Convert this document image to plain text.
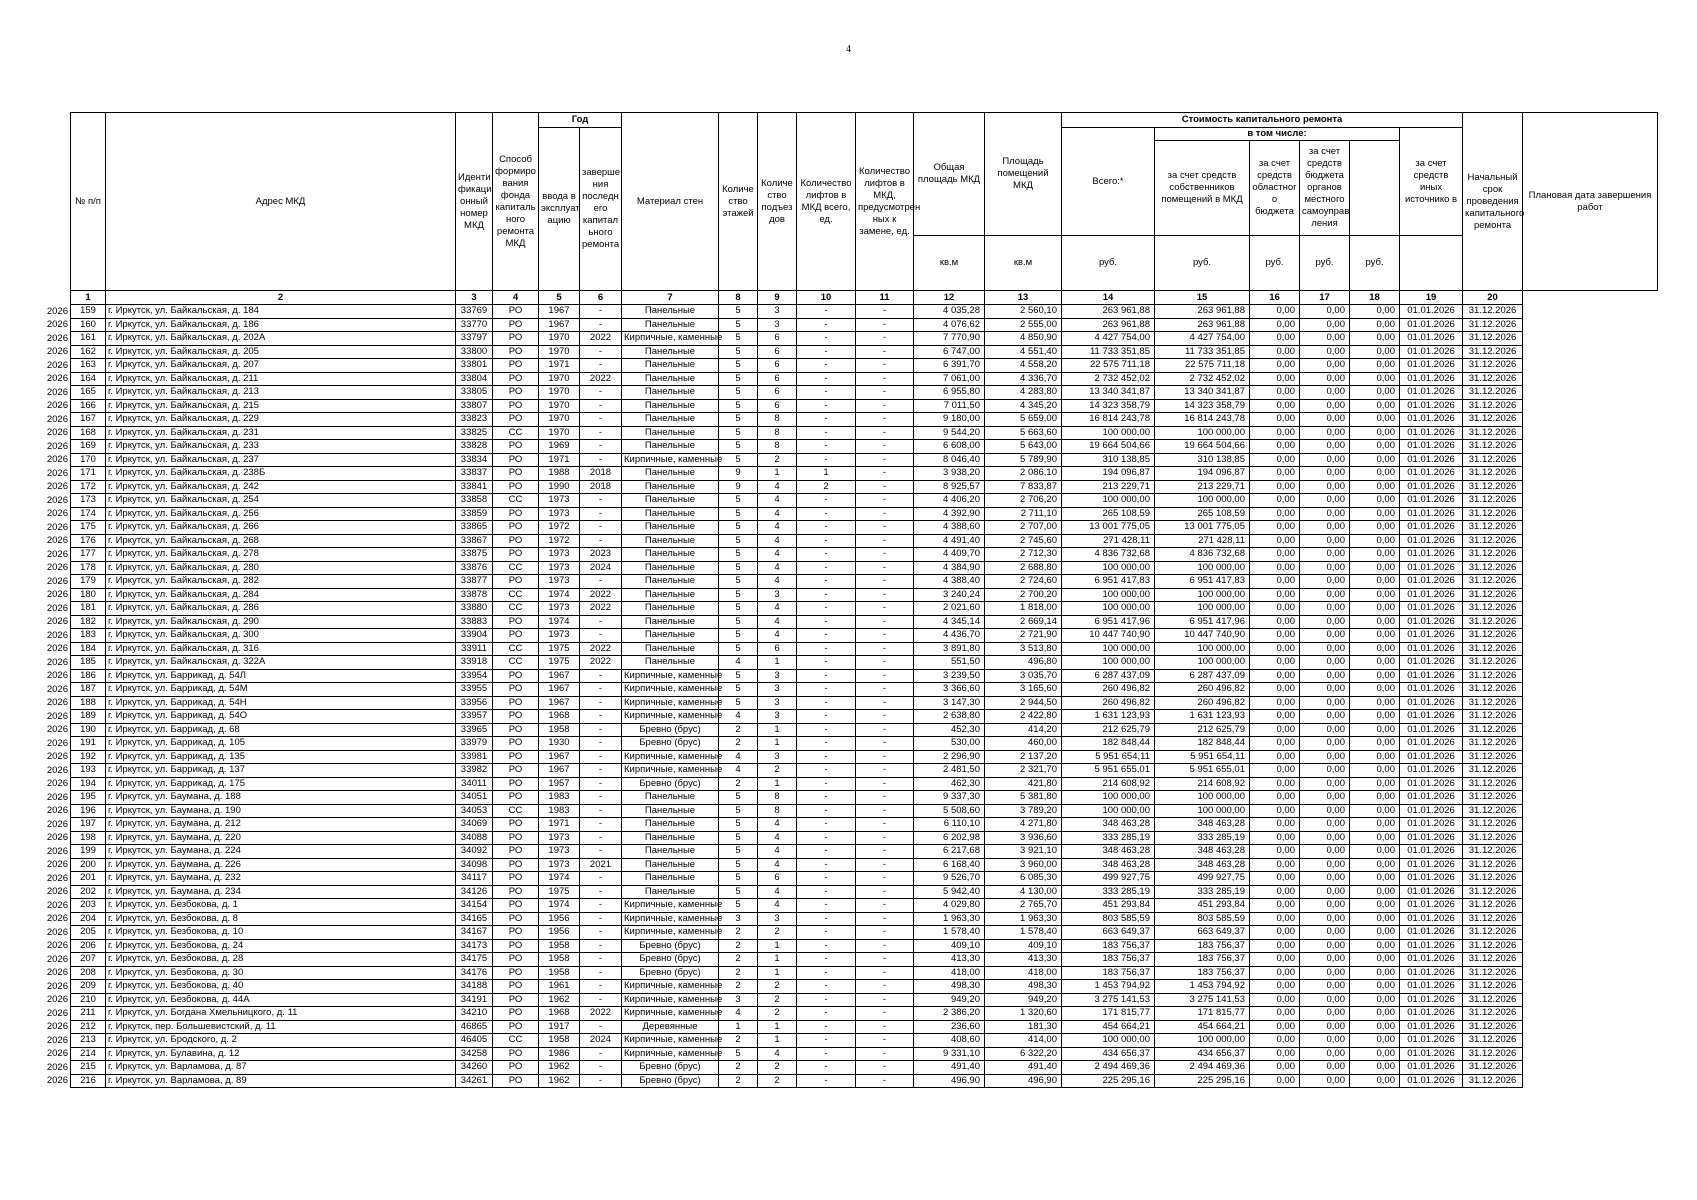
4
2026
2026
2026
2026
2026
2026
2026
2026
2026
2026
2026
2026
2026
2026
2026
2026
2026
2026
2026
2026
2026
2026
2026
2026
2026
2026
2026
2026
2026
2026
2026
2026
2026
2026
2026
2026
2026
2026
2026
2026
2026
2026
2026
2026
2026
2026
2026
2026
2026
2026
2026
2026
2026
2026
2026
2026
2026
2026
№ п/п	Адрес МКД	Иденти фикаци онный номер МКД	Способ формиро вания фонда капиталь ного ремонта МКД	Год		Материал стен	Количе ство этажей	Количе ство подъез дов	Количество лифтов в МКД всего, ед.	Количество лифтов в МКД, предусмотрен ных к замене, ед.	Общая площадь МКД	Площадь помещений МКД	Стоимость капитального ремонта						Начальный срок проведения капитального ремонта	Плановая дата завершения работ
				ввода в эксплуат ацию	заверше ния последн его капитал ьного ремонта								Всего:*	в том числе:				за счет средств иных источнико в		
														за счет средств собственников помещений в МКД	за счет средств областног о бюджета	за счет средств бюджета органов местного самоуправ ления				
											кв.м	кв.м	руб.	руб.	руб.	руб.	руб.			
1	2	3	4	5	6	7	8	9	10	11	12	13	14	15	16	17	18	19	20	
159	г. Иркутск, ул. Байкальская, д. 184	33769	РО	1967	-	Панельные	5	3	-	-	4 035,28	2 560,10	263 961,88	263 961,88	0,00	0,00	0,00	01.01.2026	31.12.2026	
160	г. Иркутск, ул. Байкальская, д. 186	33770	РО	1967	-	Панельные	5	3	-	-	4 076,62	2 555,00	263 961,88	263 961,88	0,00	0,00	0,00	01.01.2026	31.12.2026	
161	г. Иркутск, ул. Байкальская, д. 202А	33797	РО	1970	2022	Кирпичные, каменные	5	6	-	-	7 770,90	4 850,90	4 427 754,00	4 427 754,00	0,00	0,00	0,00	01.01.2026	31.12.2026	
162	г. Иркутск, ул. Байкальская, д. 205	33800	РО	1970	-	Панельные	5	6	-	-	6 747,00	4 551,40	11 733 351,85	11 733 351,85	0,00	0,00	0,00	01.01.2026	31.12.2026	
163	г. Иркутск, ул. Байкальская, д. 207	33801	РО	1971	-	Панельные	5	6	-	-	6 391,70	4 558,20	22 575 711,18	22 575 711,18	0,00	0,00	0,00	01.01.2026	31.12.2026	
164	г. Иркутск, ул. Байкальская, д. 211	33804	РО	1970	2022	Панельные	5	6	-	-	7 061,00	4 336,70	2 732 452,02	2 732 452,02	0,00	0,00	0,00	01.01.2026	31.12.2026	
165	г. Иркутск, ул. Байкальская, д. 213	33805	РО	1970	-	Панельные	5	6	-	-	6 955,80	4 283,80	13 340 341,87	13 340 341,87	0,00	0,00	0,00	01.01.2026	31.12.2026	
166	г. Иркутск, ул. Байкальская, д. 215	33807	РО	1970	-	Панельные	5	6	-	-	7 011,50	4 345,20	14 323 358,79	14 323 358,79	0,00	0,00	0,00	01.01.2026	31.12.2026	
167	г. Иркутск, ул. Байкальская, д. 229	33823	РО	1970	-	Панельные	5	8	-	-	9 180,00	5 659,00	16 814 243,78	16 814 243,78	0,00	0,00	0,00	01.01.2026	31.12.2026	
168	г. Иркутск, ул. Байкальская, д. 231	33825	СС	1970	-	Панельные	5	8	-	-	9 544,20	5 663,60	100 000,00	100 000,00	0,00	0,00	0,00	01.01.2026	31.12.2026	
169	г. Иркутск, ул. Байкальская, д. 233	33828	РО	1969	-	Панельные	5	8	-	-	6 608,00	5 643,00	19 664 504,66	19 664 504,66	0,00	0,00	0,00	01.01.2026	31.12.2026	
170	г. Иркутск, ул. Байкальская, д. 237	33834	РО	1971	-	Кирпичные, каменные	5	2	-	-	8 046,40	5 789,90	310 138,85	310 138,85	0,00	0,00	0,00	01.01.2026	31.12.2026	
171	г. Иркутск, ул. Байкальская, д. 238Б	33837	РО	1988	2018	Панельные	9	1	1	-	3 938,20	2 086,10	194 096,87	194 096,87	0,00	0,00	0,00	01.01.2026	31.12.2026	
172	г. Иркутск, ул. Байкальская, д. 242	33841	РО	1990	2018	Панельные	9	4	2	-	8 925,57	7 833,87	213 229,71	213 229,71	0,00	0,00	0,00	01.01.2026	31.12.2026	
173	г. Иркутск, ул. Байкальская, д. 254	33858	СС	1973	-	Панельные	5	4	-	-	4 406,20	2 706,20	100 000,00	100 000,00	0,00	0,00	0,00	01.01.2026	31.12.2026	
174	г. Иркутск, ул. Байкальская, д. 256	33859	РО	1973	-	Панельные	5	4	-	-	4 392,90	2 711,10	265 108,59	265 108,59	0,00	0,00	0,00	01.01.2026	31.12.2026	
175	г. Иркутск, ул. Байкальская, д. 266	33865	РО	1972	-	Панельные	5	4	-	-	4 388,60	2 707,00	13 001 775,05	13 001 775,05	0,00	0,00	0,00	01.01.2026	31.12.2026	
176	г. Иркутск, ул. Байкальская, д. 268	33867	РО	1972	-	Панельные	5	4	-	-	4 491,40	2 745,60	271 428,11	271 428,11	0,00	0,00	0,00	01.01.2026	31.12.2026	
177	г. Иркутск, ул. Байкальская, д. 278	33875	РО	1973	2023	Панельные	5	4	-	-	4 409,70	2 712,30	4 836 732,68	4 836 732,68	0,00	0,00	0,00	01.01.2026	31.12.2026	
178	г. Иркутск, ул. Байкальская, д. 280	33876	СС	1973	2024	Панельные	5	4	-	-	4 384,90	2 688,80	100 000,00	100 000,00	0,00	0,00	0,00	01.01.2026	31.12.2026	
179	г. Иркутск, ул. Байкальская, д. 282	33877	РО	1973	-	Панельные	5	4	-	-	4 388,40	2 724,60	6 951 417,83	6 951 417,83	0,00	0,00	0,00	01.01.2026	31.12.2026	
180	г. Иркутск, ул. Байкальская, д. 284	33878	СС	1974	2022	Панельные	5	3	-	-	3 240,24	2 700,20	100 000,00	100 000,00	0,00	0,00	0,00	01.01.2026	31.12.2026	
181	г. Иркутск, ул. Байкальская, д. 286	33880	СС	1973	2022	Панельные	5	4	-	-	2 021,60	1 818,00	100 000,00	100 000,00	0,00	0,00	0,00	01.01.2026	31.12.2026	
182	г. Иркутск, ул. Байкальская, д. 290	33883	РО	1974	-	Панельные	5	4	-	-	4 345,14	2 669,14	6 951 417,96	6 951 417,96	0,00	0,00	0,00	01.01.2026	31.12.2026	
183	г. Иркутск, ул. Байкальская, д. 300	33904	РО	1973	-	Панельные	5	4	-	-	4 436,70	2 721,90	10 447 740,90	10 447 740,90	0,00	0,00	0,00	01.01.2026	31.12.2026	
184	г. Иркутск, ул. Байкальская, д. 316	33911	СС	1975	2022	Панельные	5	6	-	-	3 891,80	3 513,80	100 000,00	100 000,00	0,00	0,00	0,00	01.01.2026	31.12.2026	
185	г. Иркутск, ул. Байкальская, д. 322А	33918	СС	1975	2022	Панельные	4	1	-	-	551,50	496,80	100 000,00	100 000,00	0,00	0,00	0,00	01.01.2026	31.12.2026	
186	г. Иркутск, ул. Баррикад, д. 54Л	33954	РО	1967	-	Кирпичные, каменные	5	3	-	-	3 239,50	3 035,70	6 287 437,09	6 287 437,09	0,00	0,00	0,00	01.01.2026	31.12.2026	
187	г. Иркутск, ул. Баррикад, д. 54М	33955	РО	1967	-	Кирпичные, каменные	5	3	-	-	3 366,60	3 165,60	260 496,82	260 496,82	0,00	0,00	0,00	01.01.2026	31.12.2026	
188	г. Иркутск, ул. Баррикад, д. 54Н	33956	РО	1967	-	Кирпичные, каменные	5	3	-	-	3 147,30	2 944,50	260 496,82	260 496,82	0,00	0,00	0,00	01.01.2026	31.12.2026	
189	г. Иркутск, ул. Баррикад, д. 54О	33957	РО	1968	-	Кирпичные, каменные	4	3	-	-	2 638,80	2 422,80	1 631 123,93	1 631 123,93	0,00	0,00	0,00	01.01.2026	31.12.2026	
190	г. Иркутск, ул. Баррикад, д. 68	33965	РО	1958	-	Бревно (брус)	2	1	-	-	452,30	414,20	212 625,79	212 625,79	0,00	0,00	0,00	01.01.2026	31.12.2026	
191	г. Иркутск, ул. Баррикад, д. 105	33979	РО	1930	-	Бревно (брус)	2	1	-	-	530,00	460,00	182 848,44	182 848,44	0,00	0,00	0,00	01.01.2026	31.12.2026	
192	г. Иркутск, ул. Баррикад, д. 135	33981	РО	1967	-	Кирпичные, каменные	4	3	-	-	2 296,90	2 137,20	5 951 654,11	5 951 654,11	0,00	0,00	0,00	01.01.2026	31.12.2026	
193	г. Иркутск, ул. Баррикад, д. 137	33982	РО	1967	-	Кирпичные, каменные	4	2	-	-	2 481,50	2 321,70	5 951 655,01	5 951 655,01	0,00	0,00	0,00	01.01.2026	31.12.2026	
194	г. Иркутск, ул. Баррикад, д. 175	34011	РО	1957	-	Бревно (брус)	2	1	-	-	462,30	421,80	214 608,92	214 608,92	0,00	0,00	0,00	01.01.2026	31.12.2026	
195	г. Иркутск, ул. Баумана, д. 188	34051	РО	1983	-	Панельные	5	8	-	-	9 337,30	5 381,80	100 000,00	100 000,00	0,00	0,00	0,00	01.01.2026	31.12.2026	
196	г. Иркутск, ул. Баумана, д. 190	34053	СС	1983	-	Панельные	5	8	-	-	5 508,60	3 789,20	100 000,00	100 000,00	0,00	0,00	0,00	01.01.2026	31.12.2026	
197	г. Иркутск, ул. Баумана, д. 212	34069	РО	1971	-	Панельные	5	4	-	-	6 110,10	4 271,80	348 463,28	348 463,28	0,00	0,00	0,00	01.01.2026	31.12.2026	
198	г. Иркутск, ул. Баумана, д. 220	34088	РО	1973	-	Панельные	5	4	-	-	6 202,98	3 936,60	333 285,19	333 285,19	0,00	0,00	0,00	01.01.2026	31.12.2026	
199	г. Иркутск, ул. Баумана, д. 224	34092	РО	1973	-	Панельные	5	4	-	-	6 217,68	3 921,10	348 463,28	348 463,28	0,00	0,00	0,00	01.01.2026	31.12.2026	
200	г. Иркутск, ул. Баумана, д. 226	34098	РО	1973	2021	Панельные	5	4	-	-	6 168,40	3 960,00	348 463,28	348 463,28	0,00	0,00	0,00	01.01.2026	31.12.2026	
201	г. Иркутск, ул. Баумана, д. 232	34117	РО	1974	-	Панельные	5	6	-	-	9 526,70	6 085,30	499 927,75	499 927,75	0,00	0,00	0,00	01.01.2026	31.12.2026	
202	г. Иркутск, ул. Баумана, д. 234	34126	РО	1975	-	Панельные	5	4	-	-	5 942,40	4 130,00	333 285,19	333 285,19	0,00	0,00	0,00	01.01.2026	31.12.2026	
203	г. Иркутск, ул. Безбокова, д. 1	34154	РО	1974	-	Кирпичные, каменные	5	4	-	-	4 029,80	2 765,70	451 293,84	451 293,84	0,00	0,00	0,00	01.01.2026	31.12.2026	
204	г. Иркутск, ул. Безбокова, д. 8	34165	РО	1956	-	Кирпичные, каменные	3	3	-	-	1 963,30	1 963,30	803 585,59	803 585,59	0,00	0,00	0,00	01.01.2026	31.12.2026	
205	г. Иркутск, ул. Безбокова, д. 10	34167	РО	1956	-	Кирпичные, каменные	2	2	-	-	1 578,40	1 578,40	663 649,37	663 649,37	0,00	0,00	0,00	01.01.2026	31.12.2026	
206	г. Иркутск, ул. Безбокова, д. 24	34173	РО	1958	-	Бревно (брус)	2	1	-	-	409,10	409,10	183 756,37	183 756,37	0,00	0,00	0,00	01.01.2026	31.12.2026	
207	г. Иркутск, ул. Безбокова, д. 28	34175	РО	1958	-	Бревно (брус)	2	1	-	-	413,30	413,30	183 756,37	183 756,37	0,00	0,00	0,00	01.01.2026	31.12.2026	
208	г. Иркутск, ул. Безбокова, д. 30	34176	РО	1958	-	Бревно (брус)	2	1	-	-	418,00	418,00	183 756,37	183 756,37	0,00	0,00	0,00	01.01.2026	31.12.2026	
209	г. Иркутск, ул. Безбокова, д. 40	34188	РО	1961	-	Кирпичные, каменные	2	2	-	-	498,30	498,30	1 453 794,92	1 453 794,92	0,00	0,00	0,00	01.01.2026	31.12.2026	
210	г. Иркутск, ул. Безбокова, д. 44А	34191	РО	1962	-	Кирпичные, каменные	3	2	-	-	949,20	949,20	3 275 141,53	3 275 141,53	0,00	0,00	0,00	01.01.2026	31.12.2026	
211	г. Иркутск, ул. Богдана Хмельницкого, д. 11	34210	РО	1968	2022	Кирпичные, каменные	4	2	-	-	2 386,20	1 320,60	171 815,77	171 815,77	0,00	0,00	0,00	01.01.2026	31.12.2026	
212	г. Иркутск, пер. Большевистский, д. 11	46865	РО	1917	-	Деревянные	1	1	-	-	236,60	181,30	454 664,21	454 664,21	0,00	0,00	0,00	01.01.2026	31.12.2026	
213	г. Иркутск, ул. Бродского, д. 2	46405	СС	1958	2024	Кирпичные, каменные	2	1	-	-	408,60	414,00	100 000,00	100 000,00	0,00	0,00	0,00	01.01.2026	31.12.2026	
214	г. Иркутск, ул. Булавина, д. 12	34258	РО	1986	-	Кирпичные, каменные	5	4	-	-	9 331,10	6 322,20	434 656,37	434 656,37	0,00	0,00	0,00	01.01.2026	31.12.2026	
215	г. Иркутск, ул. Варламова, д. 87	34260	РО	1962	-	Бревно (брус)	2	2	-	-	491,40	491,40	2 494 469,36	2 494 469,36	0,00	0,00	0,00	01.01.2026	31.12.2026	
216	г. Иркутск, ул. Варламова, д. 89	34261	РО	1962	-	Бревно (брус)	2	2	-	-	496,90	496,90	225 295,16	225 295,16	0,00	0,00	0,00	01.01.2026	31.12.2026	
